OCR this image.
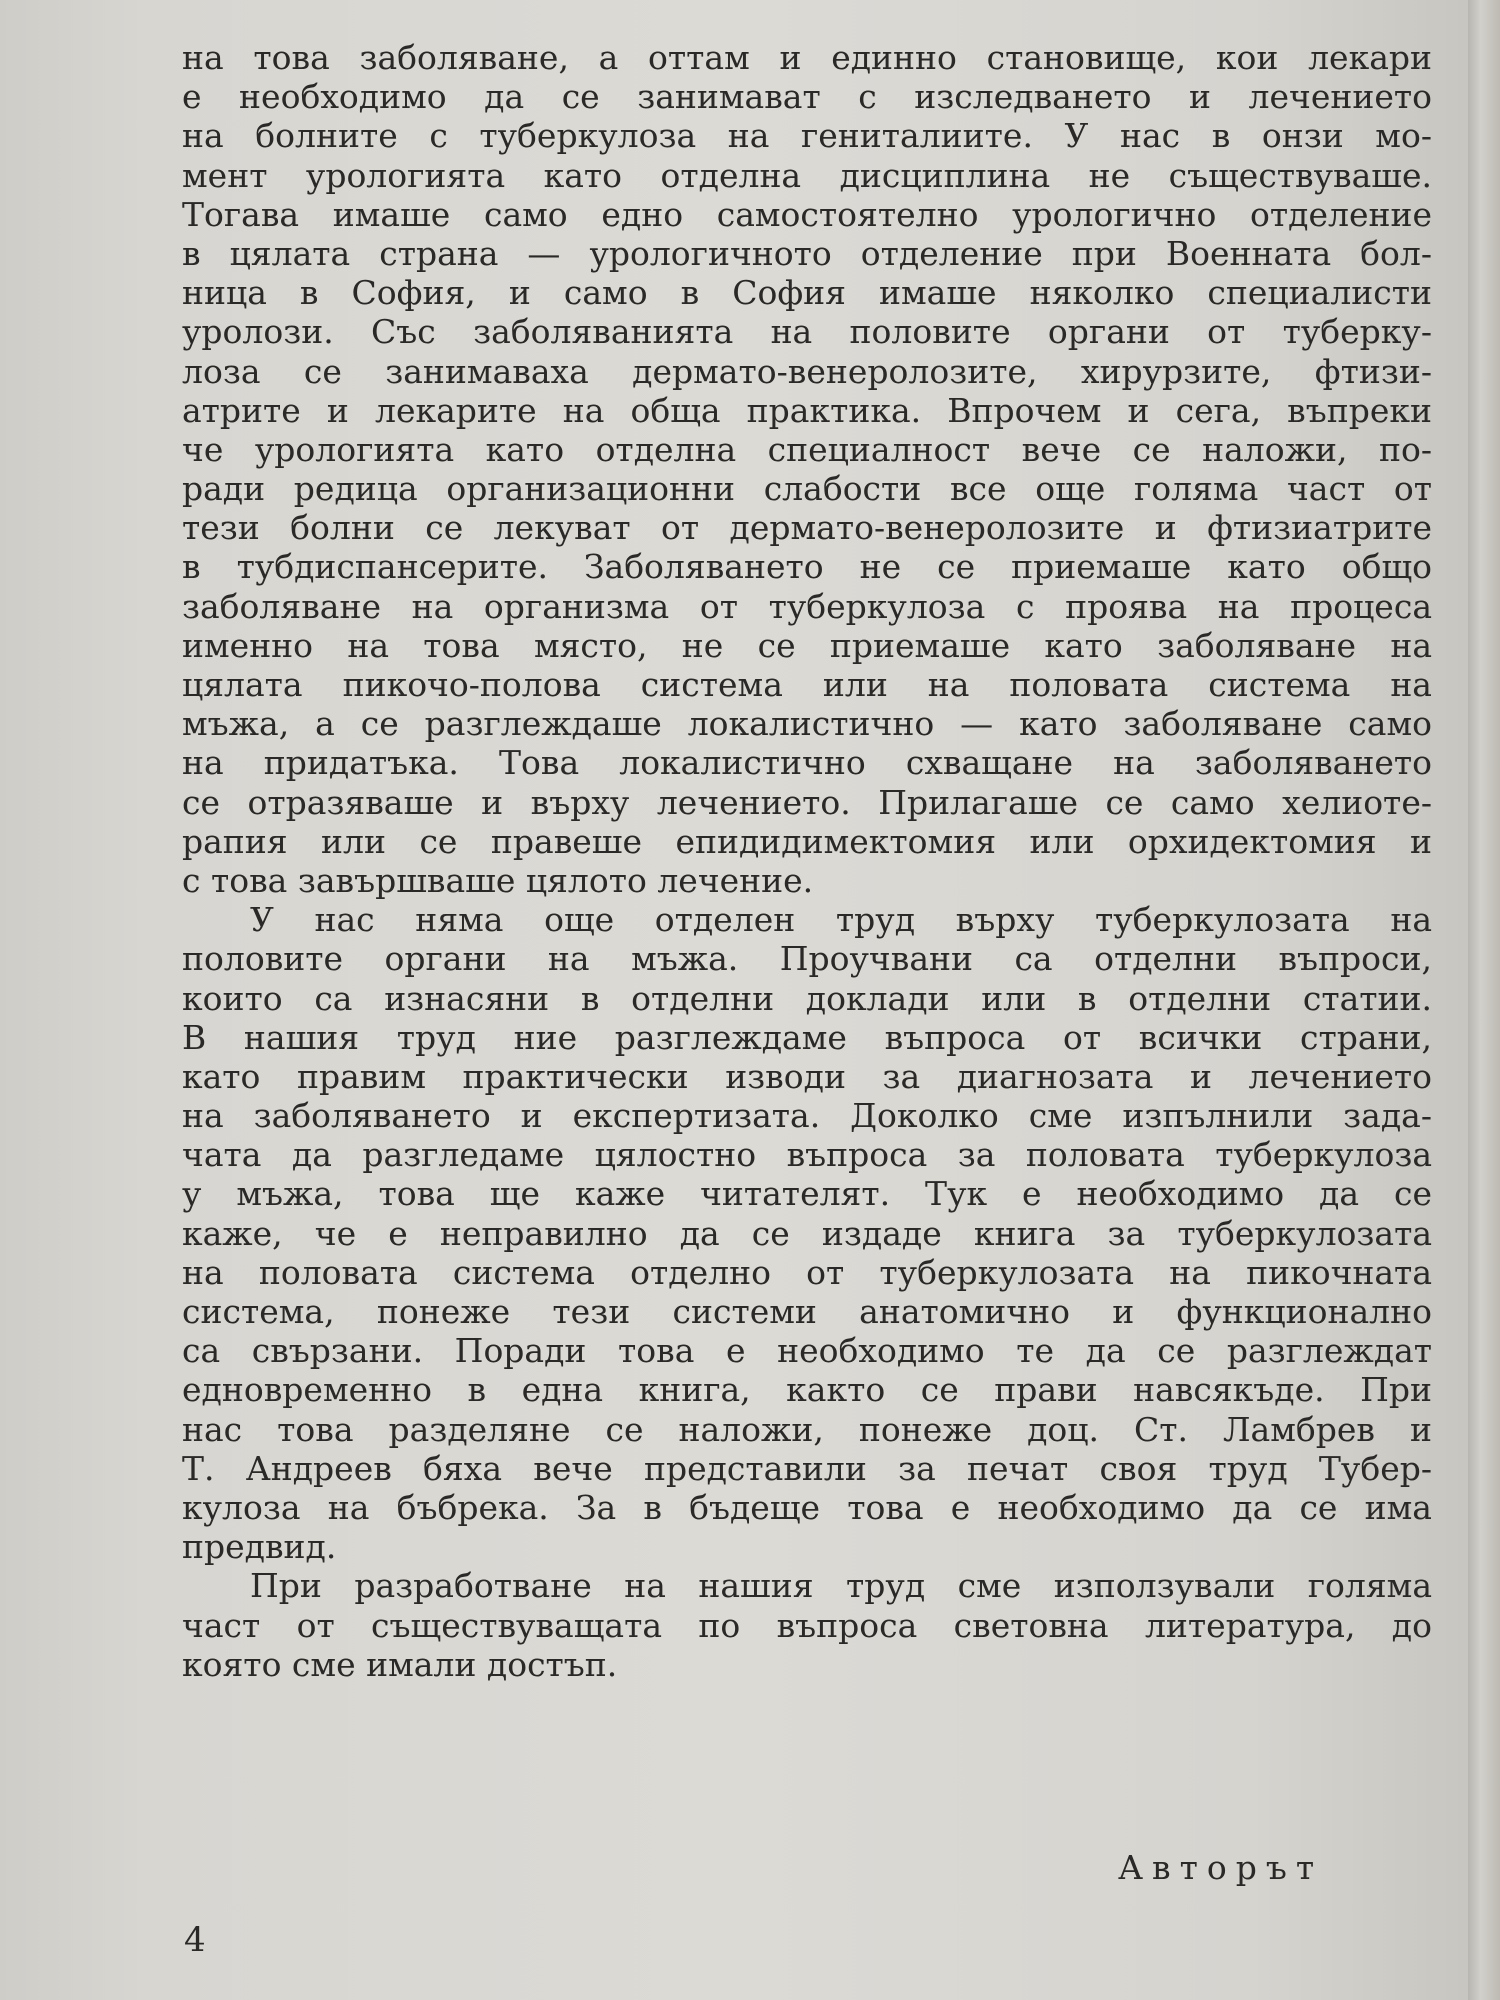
на това заболяване, а оттам и единно становище, кои лекари
е необходимо да се занимават с изследването и лечението
на болните с туберкулоза на гениталиите. У нас в онзи мо-
мент урологията като отделна дисциплина не съществуваше.
Тогава имаше само едно самостоятелно урологично отделение
в цялата страна — урологичното отделение при Военната бол-
ница в София, и само в София имаше няколко специалисти
уролози. Със заболяванията на половите органи от туберку-
лоза се занимаваха дермато-венеролозите, хирурзите, фтизи-
атрите и лекарите на обща практика. Впрочем и сега, въпреки
че урологията като отделна специалност вече се наложи, по-
ради редица организационни слабости все още голяма част от
тези болни се лекуват от дермато-венеролозите и фтизиатрите
в тубдиспансерите. Заболяването не се приемаше като общо
заболяване на организма от туберкулоза с проява на процеса
именно на това място, не се приемаше като заболяване на
цялата пикочо-полова система или на половата система на
мъжа, а се разглеждаше локалистично — като заболяване само
на придатъка. Това локалистично схващане на заболяването
се отразяваше и върху лечението. Прилагаше се само хелиоте-
рапия или се правеше епидидимектомия или орхидектомия и
с това завършваше цялото лечение.
У нас няма още отделен труд върху туберкулозата на
половите органи на мъжа. Проучвани са отделни въпроси,
които са изнасяни в отделни доклади или в отделни статии.
В нашия труд ние разглеждаме въпроса от всички страни,
като правим практически изводи за диагнозата и лечението
на заболяването и експертизата. Доколко сме изпълнили зада-
чата да разгледаме цялостно въпроса за половата туберкулоза
у мъжа, това ще каже читателят. Тук е необходимо да се
каже, че е неправилно да се издаде книга за туберкулозата
на половата система отделно от туберкулозата на пикочната
система, понеже тези системи анатомично и функционално
са свързани. Поради това е необходимо те да се разглеждат
едновременно в една книга, както се прави навсякъде. При
нас това разделяне се наложи, понеже доц. Ст. Ламбрев и
Т. Андреев бяха вече представили за печат своя труд Тубер-
кулоза на бъбрека. За в бъдеще това е необходимо да се има
предвид.
При разработване на нашия труд сме използували голяма
част от съществуващата по въпроса световна литература, до
която сме имали достъп.
Авторът
4
